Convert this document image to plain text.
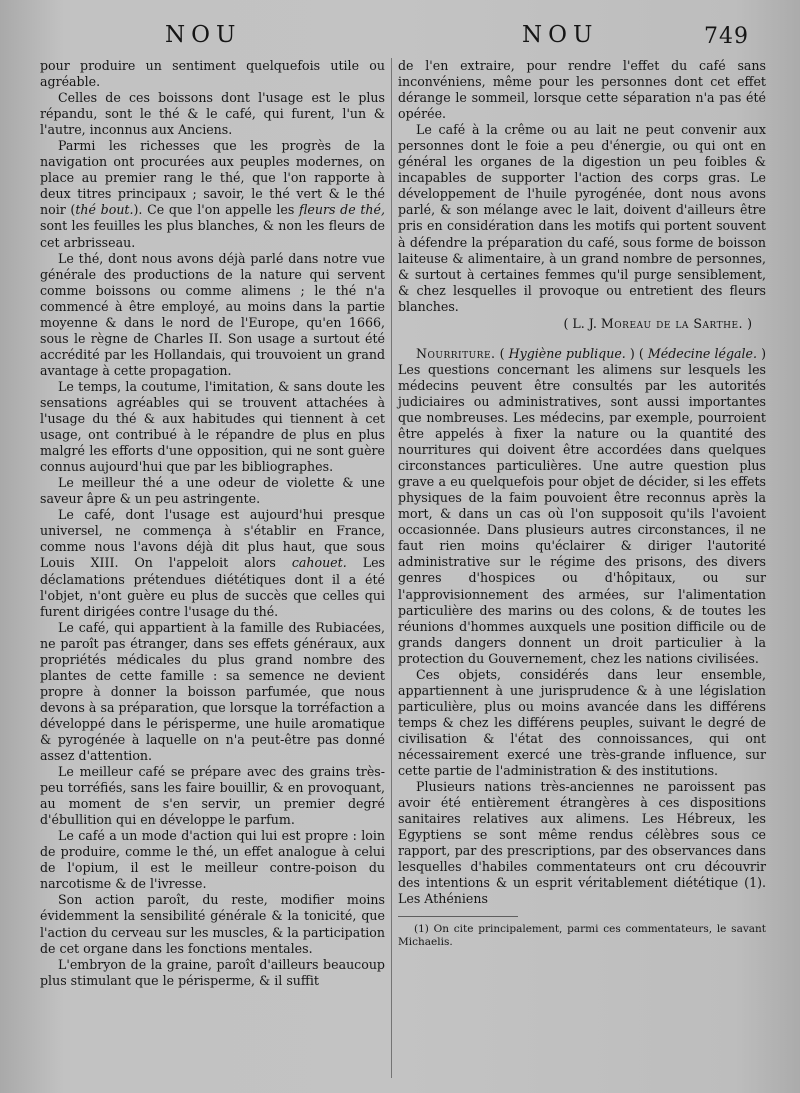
NOU	NOU	749

pour produire un sentiment quelquefois utile ou agréable.

Celles de ces boissons dont l'usage est le plus répandu, sont le thé & le café, qui furent, l'un & l'autre, inconnus aux Anciens.

Parmi les richesses que les progrès de la navigation ont procurées aux peuples modernes, on place au premier rang le thé, que l'on rapporte à deux titres principaux ; savoir, le thé vert & le thé noir (thé bout.). Ce que l'on appelle les fleurs de thé, sont les feuilles les plus blanches, & non les fleurs de cet arbrisseau.

Le thé, dont nous avons déjà parlé dans notre vue générale des productions de la nature qui servent comme boissons ou comme alimens ; le thé n'a commencé à être employé, au moins dans la partie moyenne & dans le nord de l'Europe, qu'en 1666, sous le règne de Charles II. Son usage a surtout été accrédité par les Hollandais, qui trouvoient un grand avantage à cette propagation.

Le temps, la coutume, l'imitation, & sans doute les sensations agréables qui se trouvent attachées à l'usage du thé & aux habitudes qui tiennent à cet usage, ont contribué à le répandre de plus en plus malgré les efforts d'une opposition, qui ne sont guère connus aujourd'hui que par les bibliographes.

Le meilleur thé a une odeur de violette & une saveur âpre & un peu astringente.

Le café, dont l'usage est aujourd'hui presque universel, ne commença à s'établir en France, comme nous l'avons déjà dit plus haut, que sous Louis XIII. On l'appeloit alors cahouet. Les déclamations prétendues diététiques dont il a été l'objet, n'ont guère eu plus de succès que celles qui furent dirigées contre l'usage du thé.

Le café, qui appartient à la famille des Rubiacées, ne paroît pas étranger, dans ses effets généraux, aux propriétés médicales du plus grand nombre des plantes de cette famille : sa semence ne devient propre à donner la boisson parfumée, que nous devons à sa préparation, que lorsque la torréfaction a développé dans le périsperme, une huile aromatique & pyrogénée à laquelle on n'a peut-être pas donné assez d'attention.

Le meilleur café se prépare avec des grains très-peu torréfiés, sans les faire bouillir, & en provoquant, au moment de s'en servir, un premier degré d'ébullition qui en développe le parfum.

Le café a un mode d'action qui lui est propre : loin de produire, comme le thé, un effet analogue à celui de l'opium, il est le meilleur contre-poison du narcotisme & de l'ivresse.

Son action paroît, du reste, modifier moins évidemment la sensibilité générale & la tonicité, que l'action du cerveau sur les muscles, & la participation de cet organe dans les fonctions mentales.

L'embryon de la graine, paroît d'ailleurs beaucoup plus stimulant que le périsperme, & il suffit

de l'en extraire, pour rendre l'effet du café sans inconvéniens, même pour les personnes dont cet effet dérange le sommeil, lorsque cette séparation n'a pas été opérée.

Le café à la crême ou au lait ne peut convenir aux personnes dont le foie a peu d'énergie, ou qui ont en général les organes de la digestion un peu foibles & incapables de supporter l'action des corps gras. Le développement de l'huile pyrogénée, dont nous avons parlé, & son mélange avec le lait, doivent d'ailleurs être pris en considération dans les motifs qui portent souvent à défendre la préparation du café, sous forme de boisson laiteuse & alimentaire, à un grand nombre de personnes, & surtout à certaines femmes qu'il purge sensiblement, & chez lesquelles il provoque ou entretient des fleurs blanches.

( L. J. Moreau de la Sarthe. )

Nourriture. ( Hygiène publique. ) ( Médecine légale. ) Les questions concernant les alimens sur lesquels les médecins peuvent être consultés par les autorités judiciaires ou administratives, sont aussi importantes que nombreuses. Les médecins, par exemple, pourroient être appelés à fixer la nature ou la quantité des nourritures qui doivent être accordées dans quelques circonstances particulières. Une autre question plus grave a eu quelquefois pour objet de décider, si les effets physiques de la faim pouvoient être reconnus après la mort, & dans un cas où l'on supposoit qu'ils l'avoient occasionnée. Dans plusieurs autres circonstances, il ne faut rien moins qu'éclairer & diriger l'autorité administrative sur le régime des prisons, des divers genres d'hospices ou d'hôpitaux, ou sur l'approvisionnement des armées, sur l'alimentation particulière des marins ou des colons, & de toutes les réunions d'hommes auxquels une position difficile ou de grands dangers donnent un droit particulier à la protection du Gouvernement, chez les nations civilisées.

Ces objets, considérés dans leur ensemble, appartiennent à une jurisprudence & à une législation particulière, plus ou moins avancée dans les différens temps & chez les différens peuples, suivant le degré de civilisation & l'état des connoissances, qui ont nécessairement exercé une très-grande influence, sur cette partie de l'administration & des institutions.

Plusieurs nations très-anciennes ne paroissent pas avoir été entièrement étrangères à ces dispositions sanitaires relatives aux alimens. Les Hébreux, les Egyptiens se sont même rendus célèbres sous ce rapport, par des prescriptions, par des observances dans lesquelles d'habiles commentateurs ont cru découvrir des intentions & un esprit véritablement diététique (1). Les Athéniens

(1) On cite principalement, parmi ces commentateurs, le savant Michaelis.
